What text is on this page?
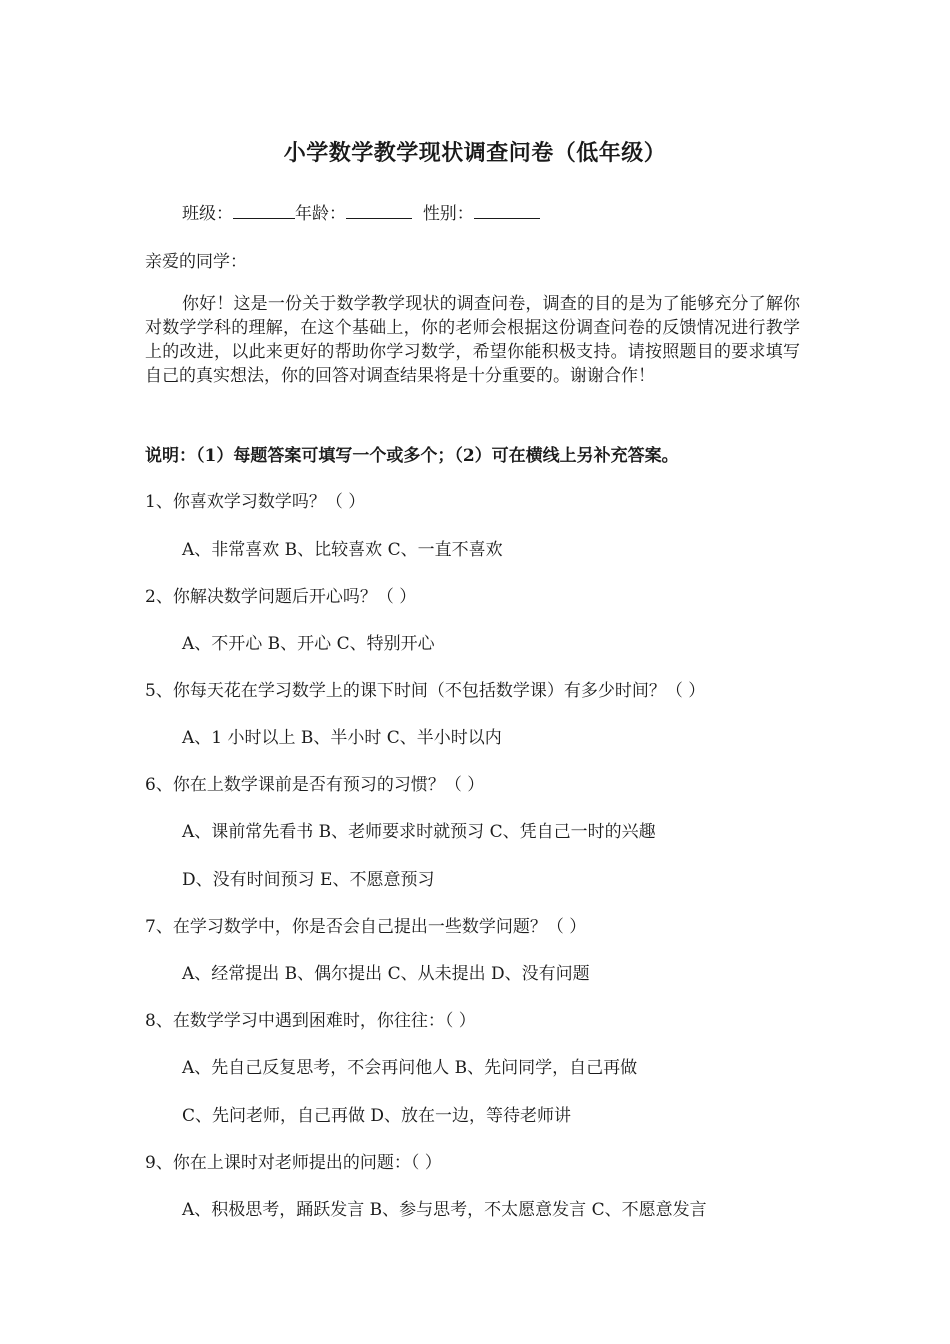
小学数学教学现状调查问卷（低年级）
班级：	年龄：	性别：
亲爱的同学：
你好！这是一份关于数学教学现状的调查问卷，调查的目的是为了能够充分了解你对数学学科的理解，在这个基础上，你的老师会根据这份调查问卷的反馈情况进行教学上的改进，以此来更好的帮助你学习数学，希望你能积极支持。请按照题目的要求填写自己的真实想法，你的回答对调查结果将是十分重要的。谢谢合作！
说明：（1）每题答案可填写一个或多个；（2）可在横线上另补充答案。
1、你喜欢学习数学吗？（ ）
A、非常喜欢 B、比较喜欢 C、一直不喜欢
2、你解决数学问题后开心吗？（ ）
A、不开心 B、开心 C、特别开心
5、你每天花在学习数学上的课下时间（不包括数学课）有多少时间？（ ）
A、1 小时以上 B、半小时 C、半小时以内
6、你在上数学课前是否有预习的习惯？（ ）
A、课前常先看书 B、老师要求时就预习 C、凭自己一时的兴趣
D、没有时间预习 E、不愿意预习
7、在学习数学中，你是否会自己提出一些数学问题？（ ）
A、经常提出 B、偶尔提出 C、从未提出 D、没有问题
8、在数学学习中遇到困难时，你往往：（ ）
A、先自己反复思考，不会再问他人 B、先问同学，自己再做
C、先问老师，自己再做 D、放在一边，等待老师讲
9、你在上课时对老师提出的问题：（ ）
A、积极思考，踊跃发言 B、参与思考，不太愿意发言 C、不愿意发言
